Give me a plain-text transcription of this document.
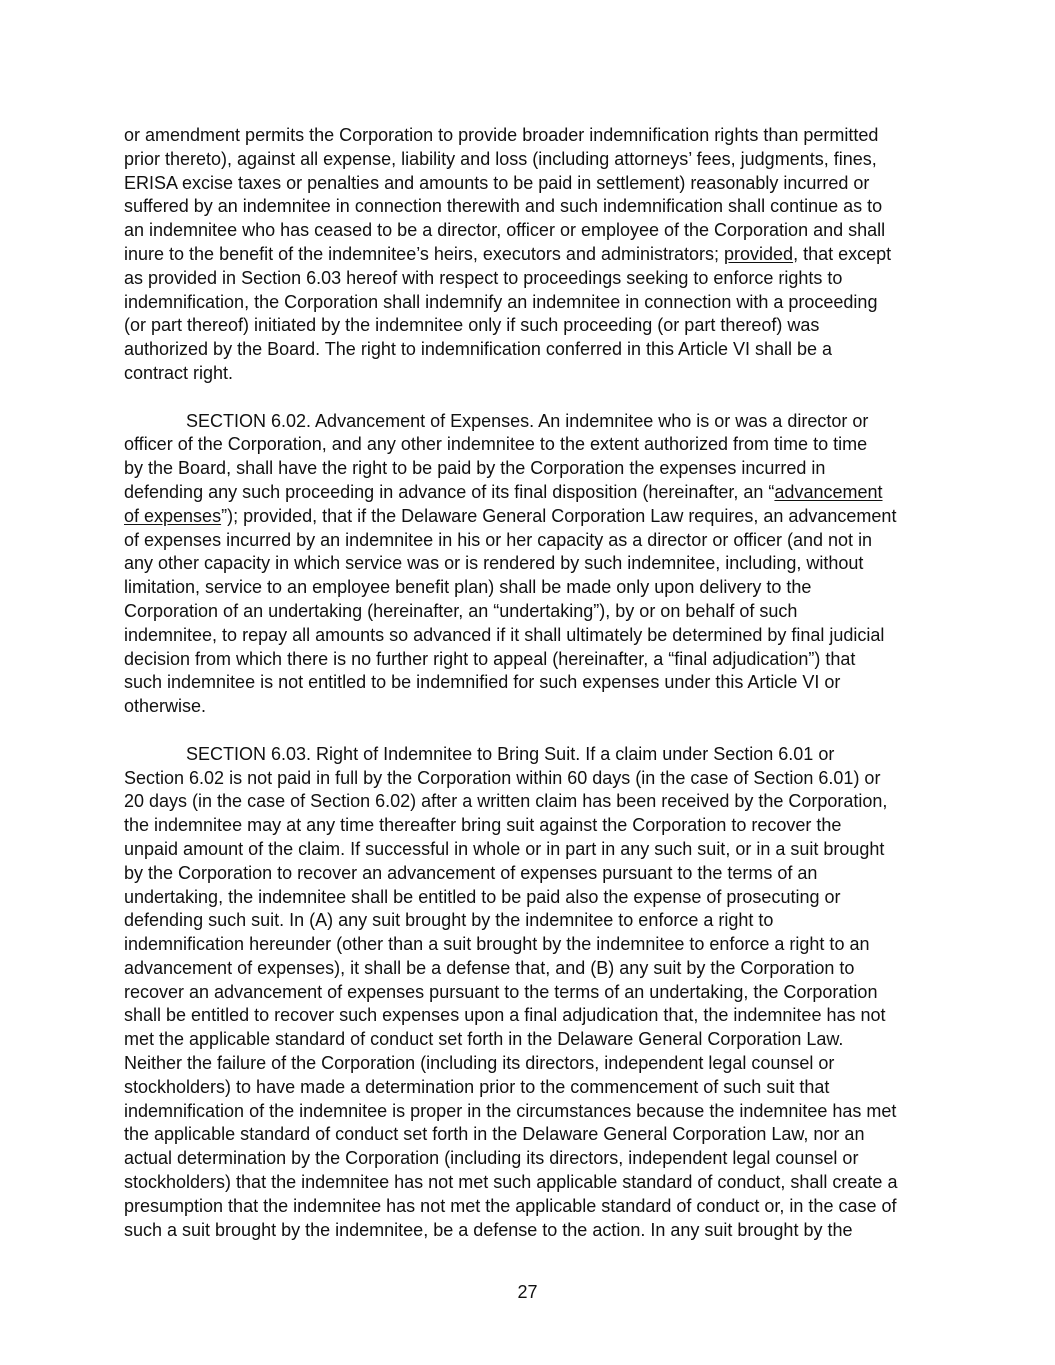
or amendment permits the Corporation to provide broader indemnification rights than permitted
prior thereto), against all expense, liability and loss (including attorneys’ fees, judgments, fines,
ERISA excise taxes or penalties and amounts to be paid in settlement) reasonably incurred or
suffered by an indemnitee in connection therewith and such indemnification shall continue as to
an indemnitee who has ceased to be a director, officer or employee of the Corporation and shall
inure to the benefit of the indemnitee’s heirs, executors and administrators; provided, that except
as provided in Section 6.03 hereof with respect to proceedings seeking to enforce rights to
indemnification, the Corporation shall indemnify an indemnitee in connection with a proceeding
(or part thereof) initiated by the indemnitee only if such proceeding (or part thereof) was
authorized by the Board. The right to indemnification conferred in this Article VI shall be a
contract right.

SECTION 6.02. Advancement of Expenses. An indemnitee who is or was a director or
officer of the Corporation, and any other indemnitee to the extent authorized from time to time
by the Board, shall have the right to be paid by the Corporation the expenses incurred in
defending any such proceeding in advance of its final disposition (hereinafter, an “advancement
of expenses”); provided, that if the Delaware General Corporation Law requires, an advancement
of expenses incurred by an indemnitee in his or her capacity as a director or officer (and not in
any other capacity in which service was or is rendered by such indemnitee, including, without
limitation, service to an employee benefit plan) shall be made only upon delivery to the
Corporation of an undertaking (hereinafter, an “undertaking”), by or on behalf of such
indemnitee, to repay all amounts so advanced if it shall ultimately be determined by final judicial
decision from which there is no further right to appeal (hereinafter, a “final adjudication”) that
such indemnitee is not entitled to be indemnified for such expenses under this Article VI or
otherwise.

SECTION 6.03. Right of Indemnitee to Bring Suit. If a claim under Section 6.01 or
Section 6.02 is not paid in full by the Corporation within 60 days (in the case of Section 6.01) or
20 days (in the case of Section 6.02) after a written claim has been received by the Corporation,
the indemnitee may at any time thereafter bring suit against the Corporation to recover the
unpaid amount of the claim. If successful in whole or in part in any such suit, or in a suit brought
by the Corporation to recover an advancement of expenses pursuant to the terms of an
undertaking, the indemnitee shall be entitled to be paid also the expense of prosecuting or
defending such suit. In (A) any suit brought by the indemnitee to enforce a right to
indemnification hereunder (other than a suit brought by the indemnitee to enforce a right to an
advancement of expenses), it shall be a defense that, and (B) any suit by the Corporation to
recover an advancement of expenses pursuant to the terms of an undertaking, the Corporation
shall be entitled to recover such expenses upon a final adjudication that, the indemnitee has not
met the applicable standard of conduct set forth in the Delaware General Corporation Law.
Neither the failure of the Corporation (including its directors, independent legal counsel or
stockholders) to have made a determination prior to the commencement of such suit that
indemnification of the indemnitee is proper in the circumstances because the indemnitee has met
the applicable standard of conduct set forth in the Delaware General Corporation Law, nor an
actual determination by the Corporation (including its directors, independent legal counsel or
stockholders) that the indemnitee has not met such applicable standard of conduct, shall create a
presumption that the indemnitee has not met the applicable standard of conduct or, in the case of
such a suit brought by the indemnitee, be a defense to the action. In any suit brought by the

27
